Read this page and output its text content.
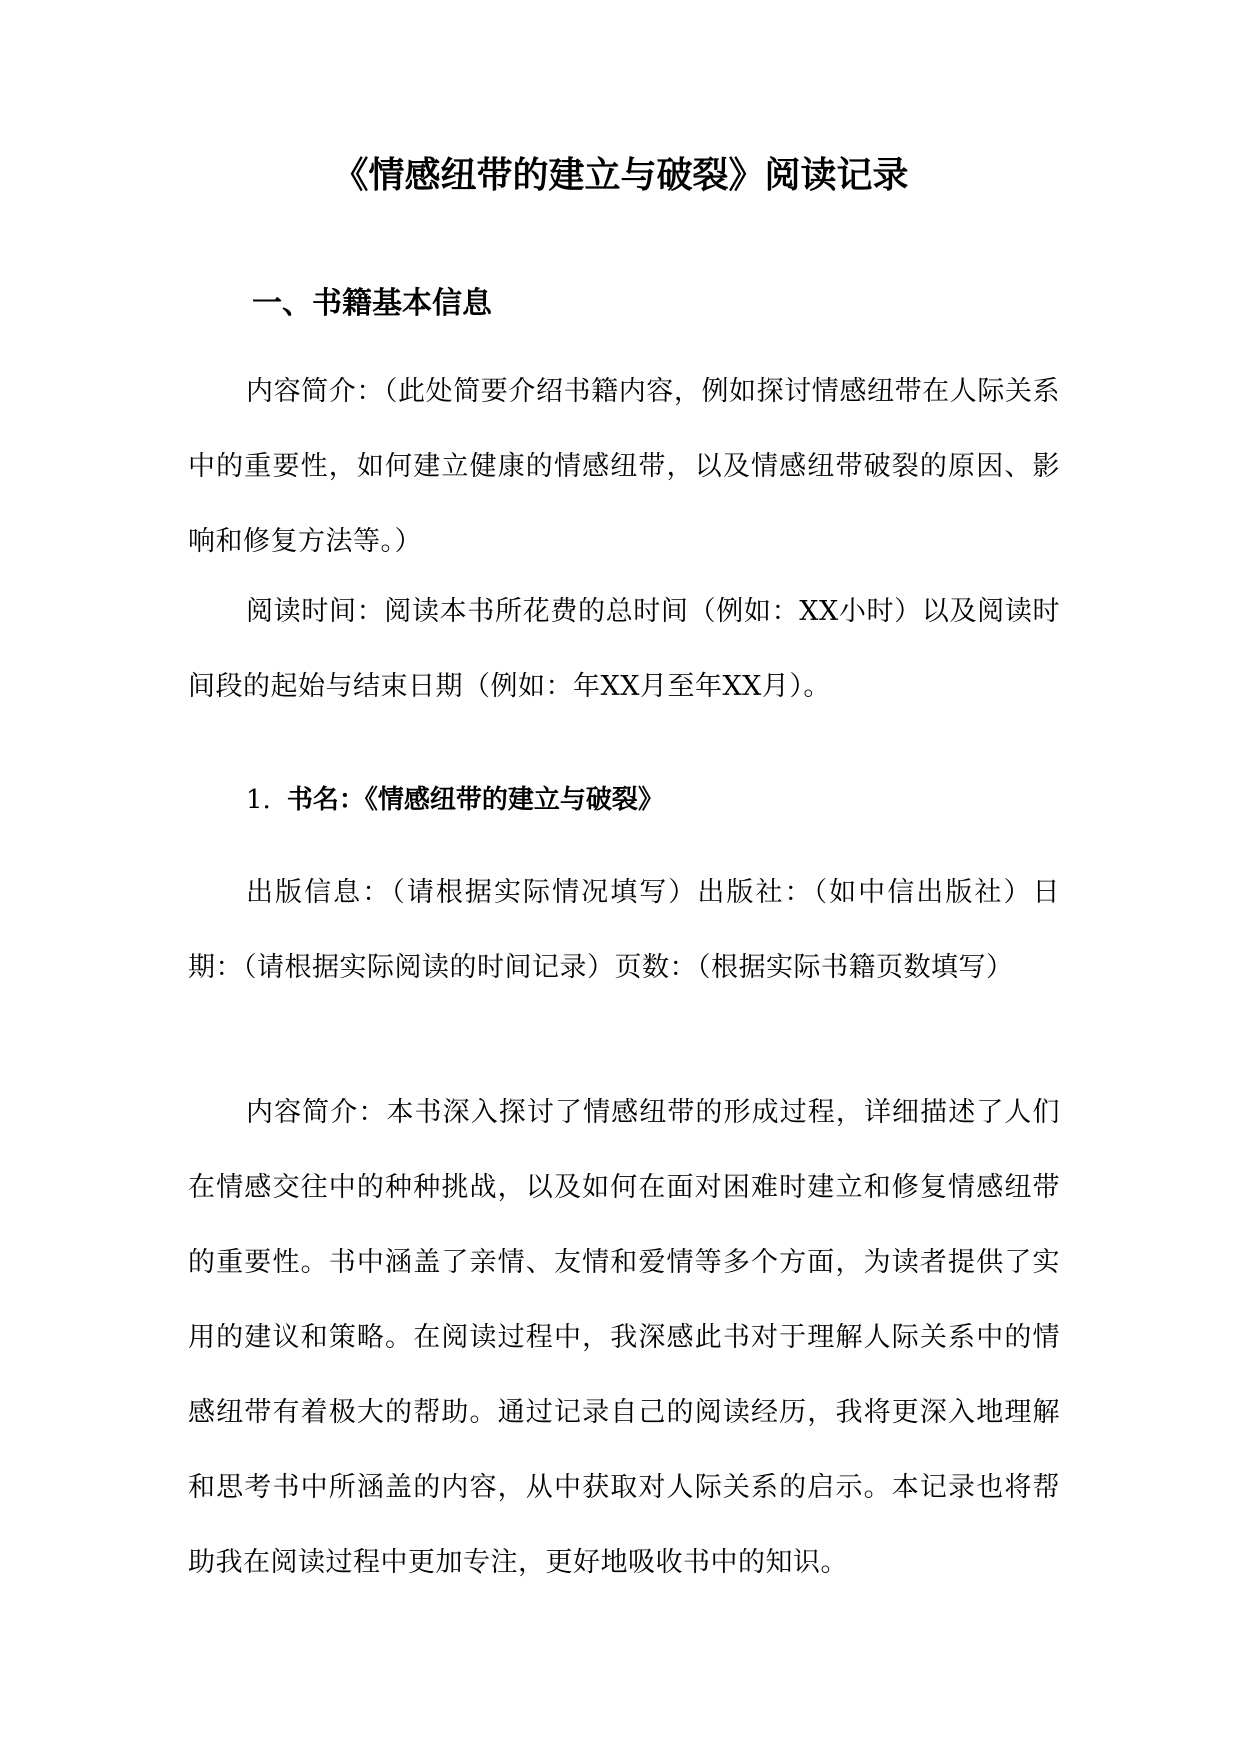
《情感纽带的建立与破裂》阅读记录
一、书籍基本信息

内容简介：（此处简要介绍书籍内容，例如探讨情感纽带在人际关系中的重要性，如何建立健康的情感纽带，以及情感纽带破裂的原因、影响和修复方法等。）

阅读时间：阅读本书所花费的总时间（例如：XX小时）以及阅读时间段的起始与结束日期（例如：年XX月至年XX月）。

1. 书名：《情感纽带的建立与破裂》

出版信息：（请根据实际情况填写）出版社：（如中信出版社）日期：（请根据实际阅读的时间记录）页数：（根据实际书籍页数填写）

内容简介：本书深入探讨了情感纽带的形成过程，详细描述了人们在情感交往中的种种挑战，以及如何在面对困难时建立和修复情感纽带的重要性。书中涵盖了亲情、友情和爱情等多个方面，为读者提供了实用的建议和策略。在阅读过程中，我深感此书对于理解人际关系中的情感纽带有着极大的帮助。通过记录自己的阅读经历，我将更深入地理解和思考书中所涵盖的内容，从中获取对人际关系的启示。本记录也将帮助我在阅读过程中更加专注，更好地吸收书中的知识。
